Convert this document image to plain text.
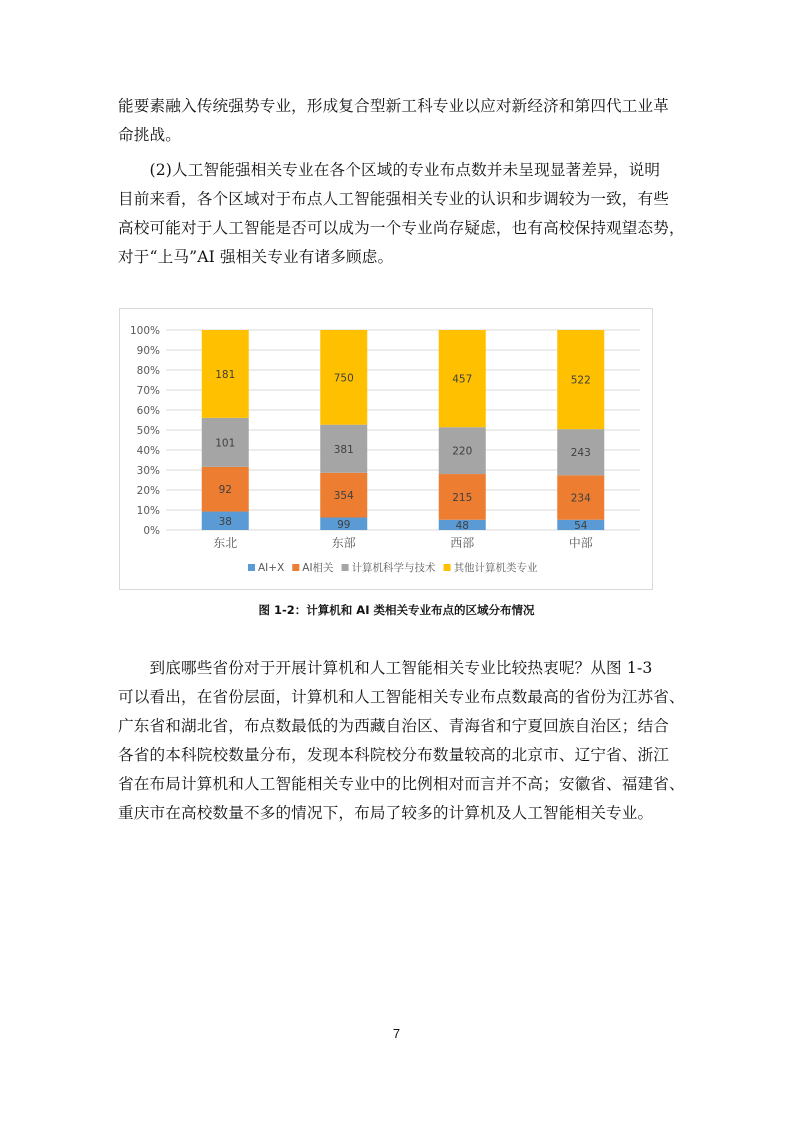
能要素融入传统强势专业，形成复合型新工科专业以应对新经济和第四代工业革
命挑战。

　　(2)人工智能强相关专业在各个区域的专业布点数并未呈现显著差异，说明
目前来看，各个区域对于布点人工智能强相关专业的认识和步调较为一致，有些
高校可能对于人工智能是否可以成为一个专业尚存疑虑，也有高校保持观望态势，
对于“上马”AI 强相关专业有诸多顾虑。

0%
10%
20%
30%
40%
50%
60%
70%
80%
90%
100%
38
92
101
181
东北
99
354
381
750
东部
48
215
220
457
西部
54
234
243
522
中部
AI+X AI相关 计算机科学与技术 其他计算机类专业
图 1-2：计算机和 AI 类相关专业布点的区域分布情况

　　到底哪些省份对于开展计算机和人工智能相关专业比较热衷呢？从图 1-3
可以看出，在省份层面，计算机和人工智能相关专业布点数最高的省份为江苏省、
广东省和湖北省，布点数最低的为西藏自治区、青海省和宁夏回族自治区；结合
各省的本科院校数量分布，发现本科院校分布数量较高的北京市、辽宁省、浙江
省在布局计算机和人工智能相关专业中的比例相对而言并不高；安徽省、福建省、
重庆市在高校数量不多的情况下，布局了较多的计算机及人工智能相关专业。

7
